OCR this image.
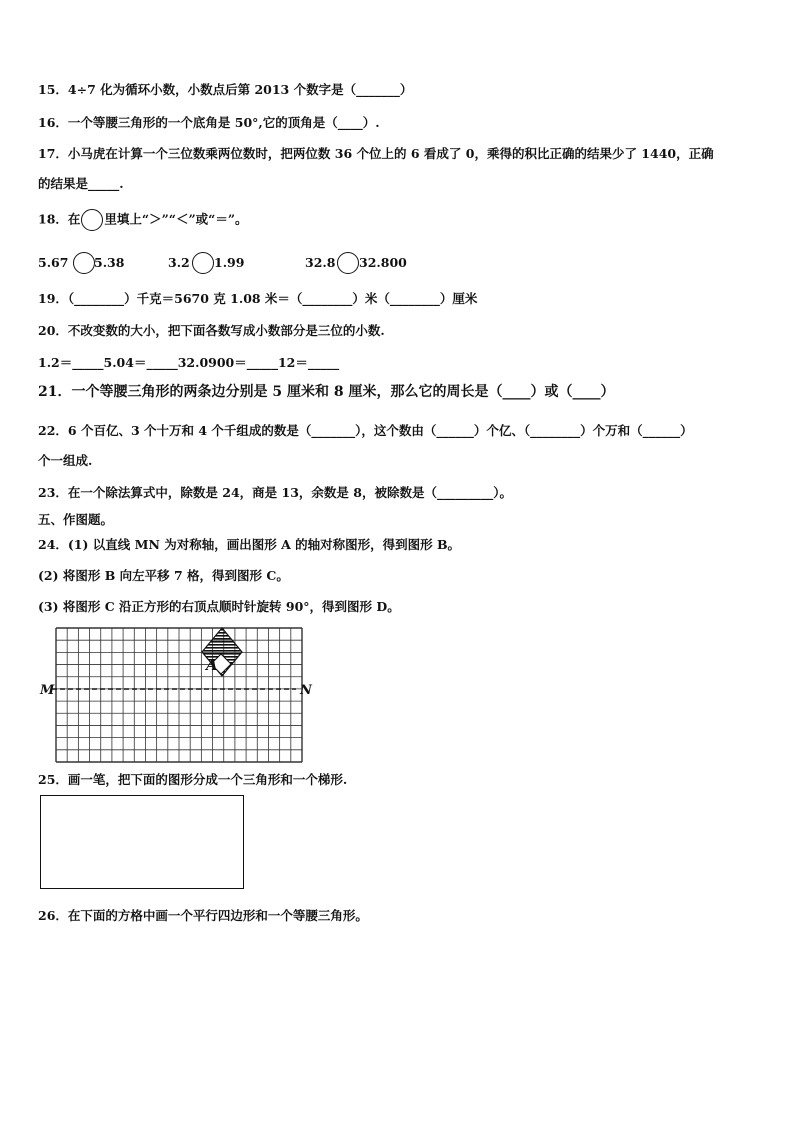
15．4÷7 化为循环小数，小数点后第 2013 个数字是（_______）
16．一个等腰三角形的一个底角是 50°,它的顶角是（____）.
17．小马虎在计算一个三位数乘两位数时，把两位数 36 个位上的 6 看成了 0，乘得的积比正确的结果少了 1440，正确
的结果是_____.
18．在 里填上“＞”“＜”或“＝”。
5.67 5.38	3.2 1.99	32.8 32.800
19．（________）千克＝5670 克 1.08 米＝（________）米（________）厘米
20．不改变数的大小，把下面各数写成小数部分是三位的小数.
1.2＝_____5.04＝_____32.0900＝_____12＝_____
21．一个等腰三角形的两条边分别是 5 厘米和 8 厘米，那么它的周长是（____）或（____）
22．6 个百亿、3 个十万和 4 个千组成的数是（_______），这个数由（______）个亿、（________）个万和（______）
个一组成.
23．在一个除法算式中，除数是 24，商是 13，余数是 8，被除数是（_________）。
五、作图题。
24．(1) 以直线 MN 为对称轴，画出图形 A 的轴对称图形，得到图形 B。
(2) 将图形 B 向左平移 7 格，得到图形 C。
(3) 将图形 C 沿正方形的右顶点顺时针旋转 90°，得到图形 D。
A
M	N
25．画一笔，把下面的图形分成一个三角形和一个梯形.
26．在下面的方格中画一个平行四边形和一个等腰三角形。
